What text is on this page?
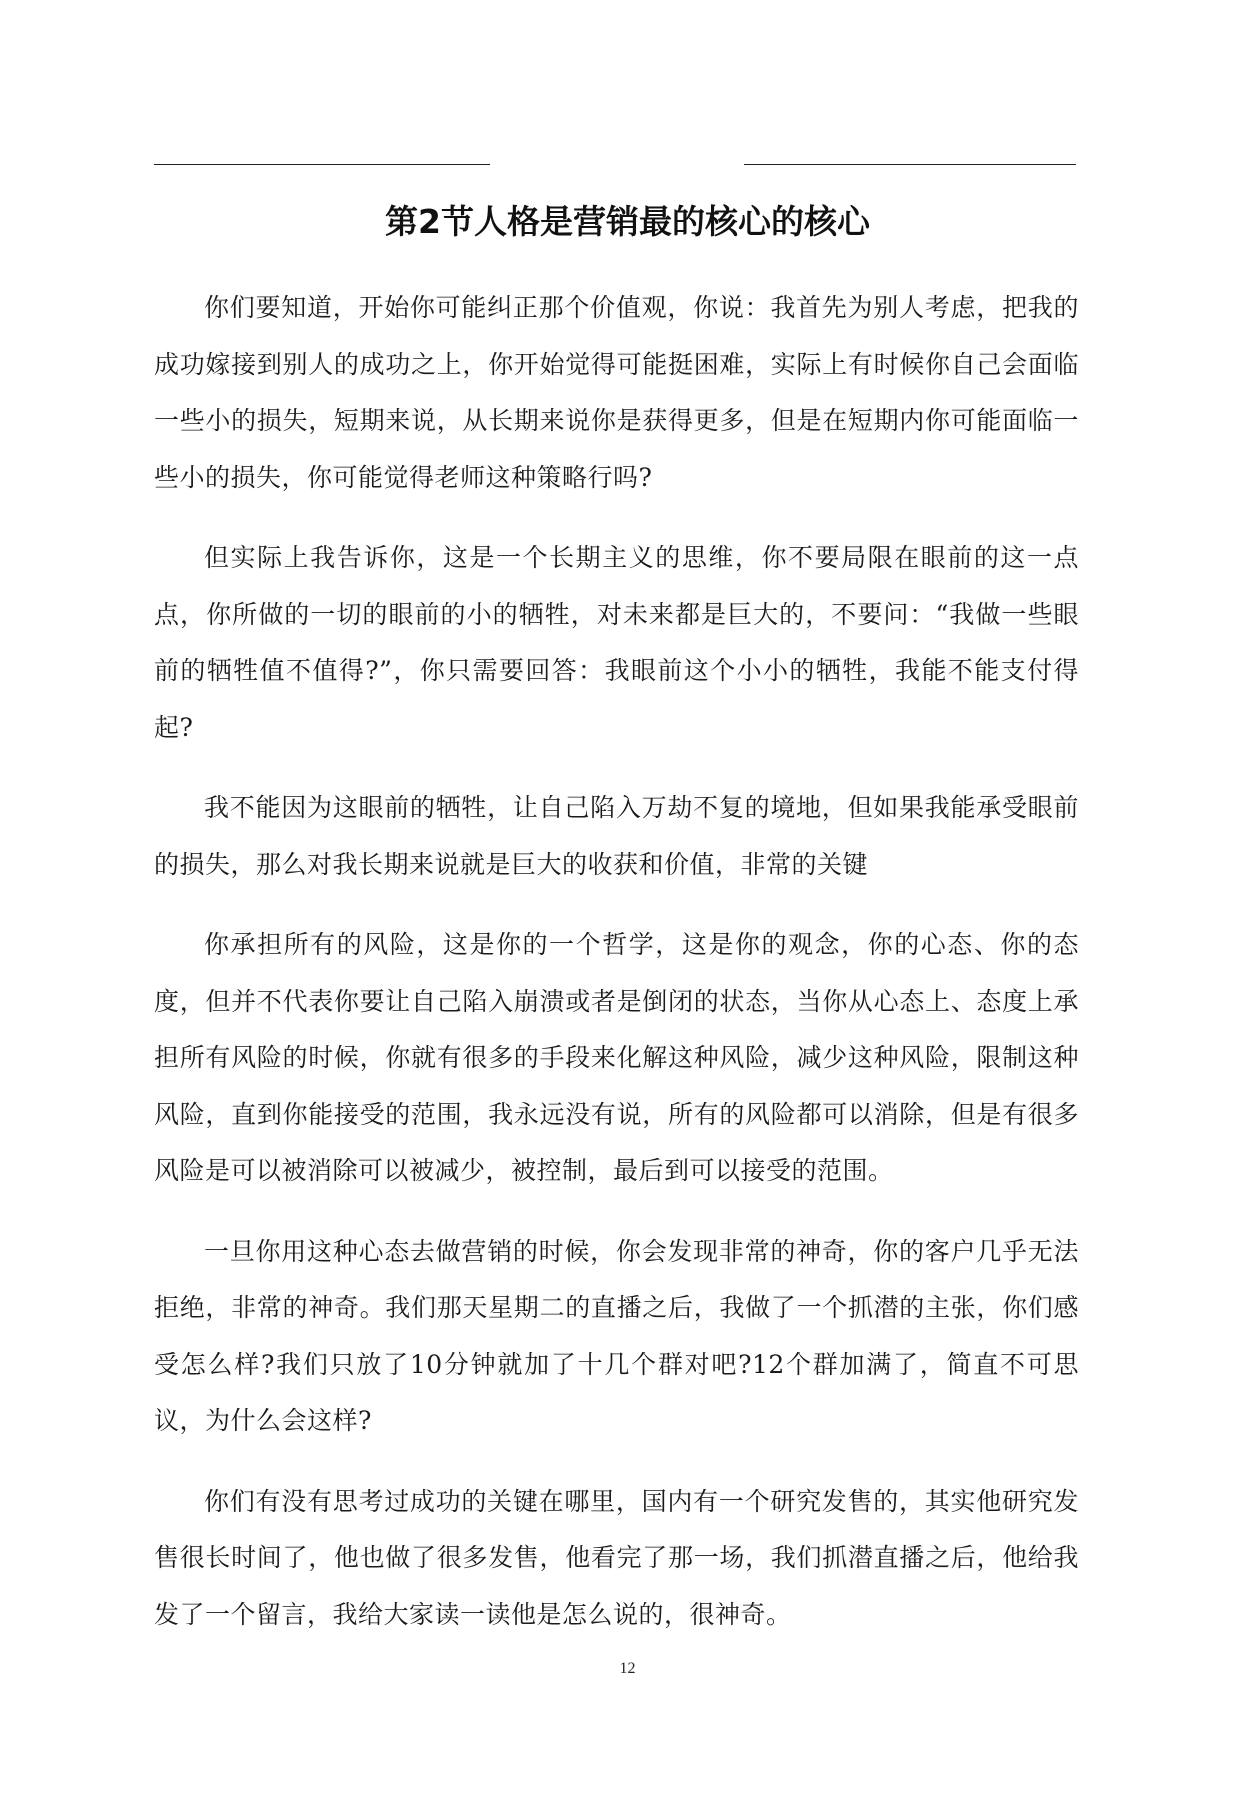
第2节人格是营销最的核心的核心

你们要知道，开始你可能纠正那个价值观，你说：我首先为别人考虑，把我的成功嫁接到别人的成功之上，你开始觉得可能挺困难，实际上有时候你自己会面临一些小的损失，短期来说，从长期来说你是获得更多，但是在短期内你可能面临一些小的损失，你可能觉得老师这种策略行吗?

但实际上我告诉你，这是一个长期主义的思维，你不要局限在眼前的这一点点，你所做的一切的眼前的小的牺牲，对未来都是巨大的，不要问：“我做一些眼前的牺牲值不值得?”，你只需要回答：我眼前这个小小的牺牲，我能不能支付得起?

我不能因为这眼前的牺牲，让自己陷入万劫不复的境地，但如果我能承受眼前的损失，那么对我长期来说就是巨大的收获和价值，非常的关键

你承担所有的风险，这是你的一个哲学，这是你的观念，你的心态、你的态度，但并不代表你要让自己陷入崩溃或者是倒闭的状态，当你从心态上、态度上承担所有风险的时候，你就有很多的手段来化解这种风险，减少这种风险，限制这种风险，直到你能接受的范围，我永远没有说，所有的风险都可以消除，但是有很多风险是可以被消除可以被减少，被控制，最后到可以接受的范围。

一旦你用这种心态去做营销的时候，你会发现非常的神奇，你的客户几乎无法拒绝，非常的神奇。我们那天星期二的直播之后，我做了一个抓潜的主张，你们感受怎么样?我们只放了10分钟就加了十几个群对吧?12个群加满了，简直不可思议，为什么会这样?

你们有没有思考过成功的关键在哪里，国内有一个研究发售的，其实他研究发售很长时间了，他也做了很多发售，他看完了那一场，我们抓潜直播之后，他给我发了一个留言，我给大家读一读他是怎么说的，很神奇。

12
